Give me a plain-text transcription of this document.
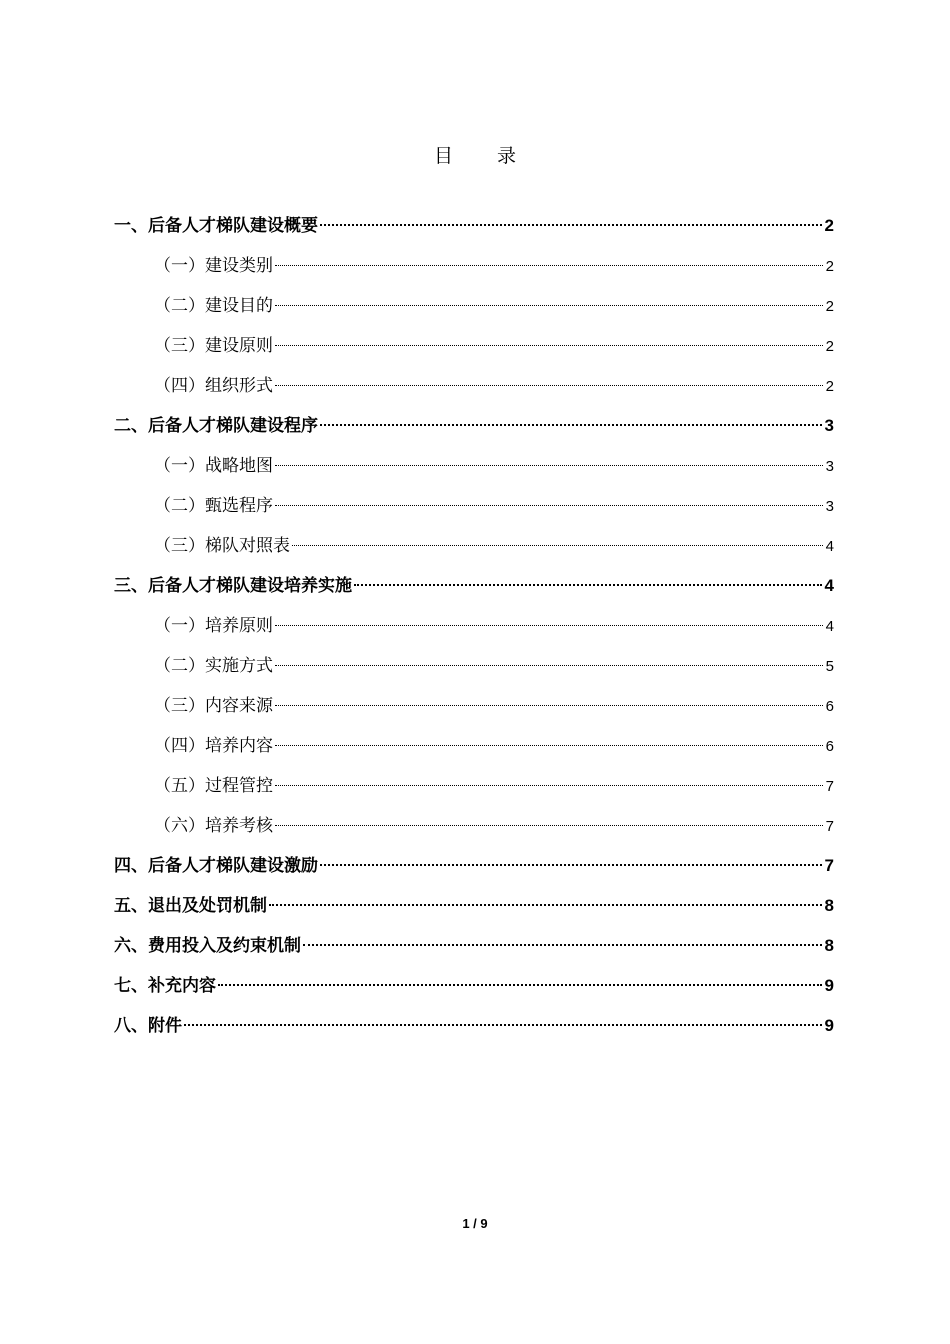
目 录
一、后备人才梯队建设概要	2
（一）建设类别	2
（二）建设目的	2
（三）建设原则	2
（四）组织形式	2
二、后备人才梯队建设程序	3
（一）战略地图	3
（二）甄选程序	3
（三）梯队对照表	4
三、后备人才梯队建设培养实施	4
（一）培养原则	4
（二）实施方式	5
（三）内容来源	6
（四）培养内容	6
（五）过程管控	7
（六）培养考核	7
四、后备人才梯队建设激励	7
五、退出及处罚机制	8
六、费用投入及约束机制	8
七、补充内容	9
八、附件	9
1 / 9
